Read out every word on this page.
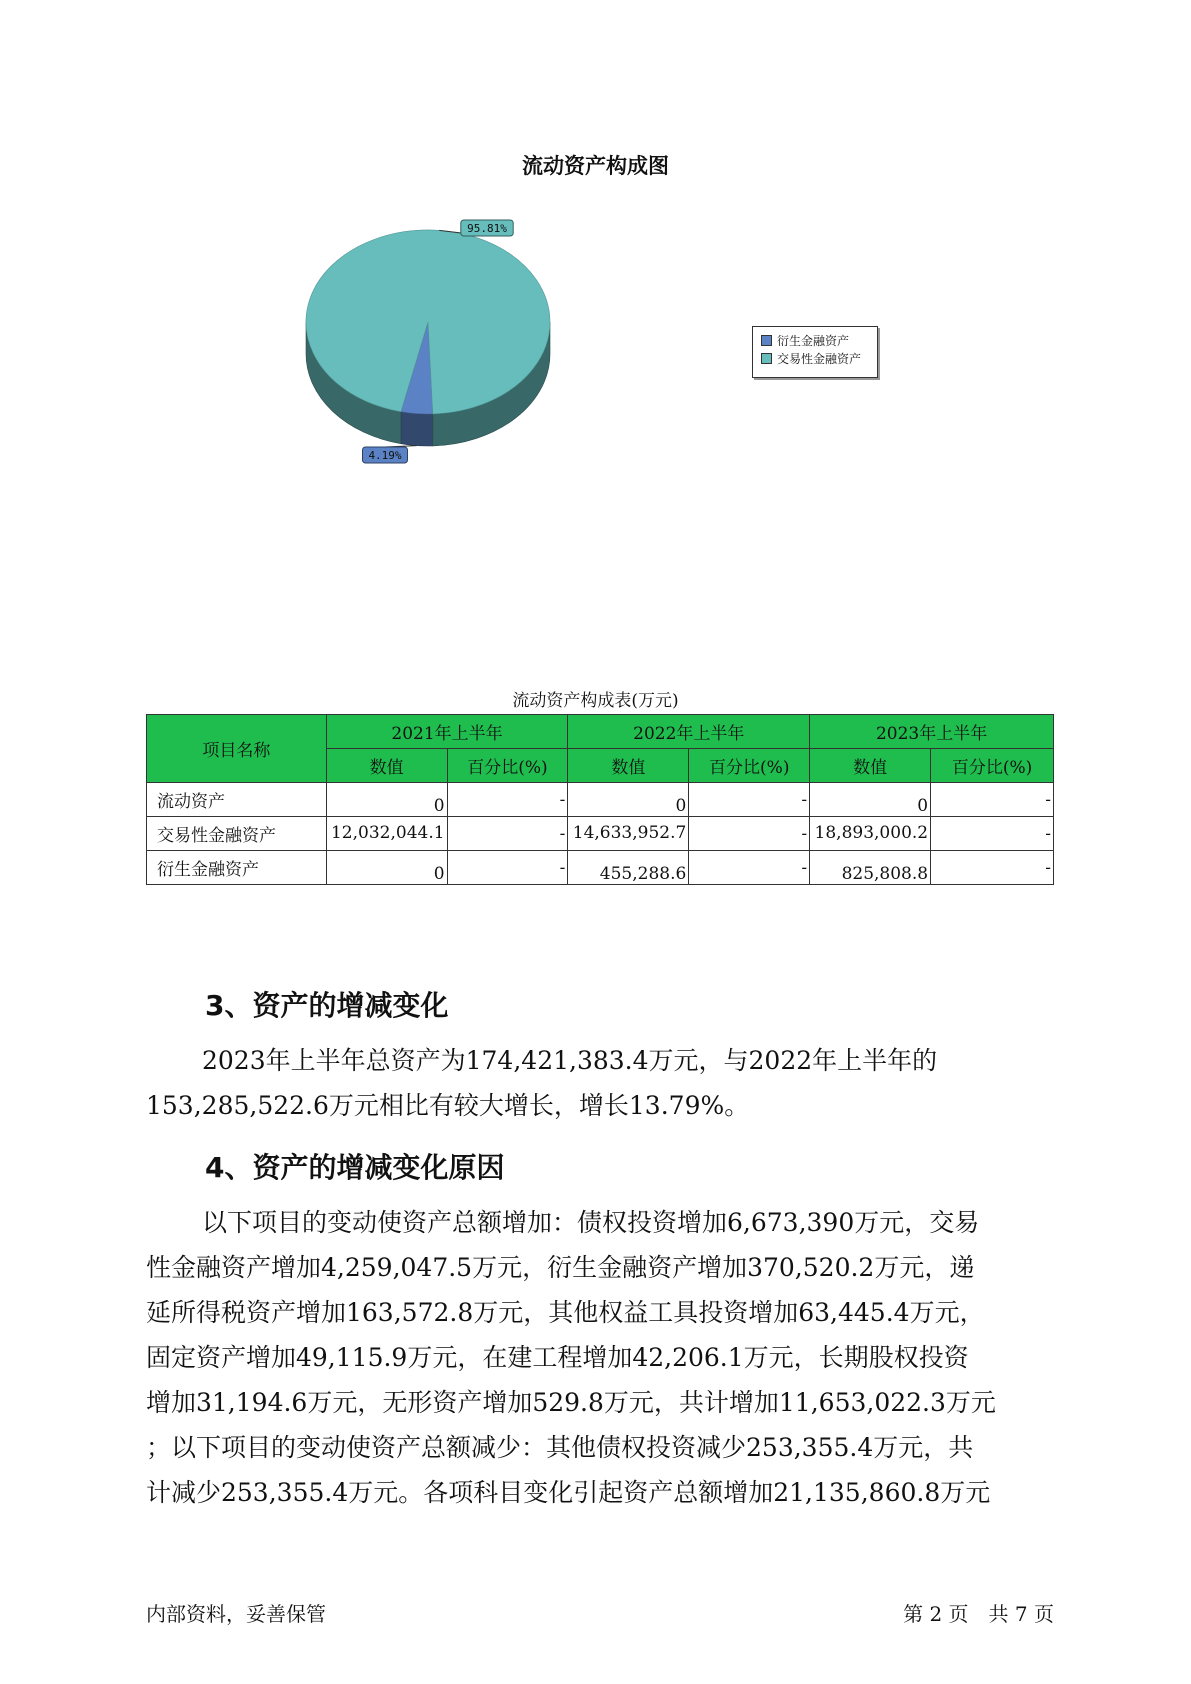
流动资产构成图
4.19%
95.81%
衍生金融资产
交易性金融资产
流动资产构成表(万元)
项目名称	2021年上半年		2022年上半年		2023年上半年	
	数值	百分比(%)	数值	百分比(%)	数值	百分比(%)
流动资产	0	-	0	-	0	-
交易性金融资产	12,032,044.1	-	14,633,952.7	-	18,893,000.2	-
衍生金融资产	0	-	455,288.6	-	825,808.8	-
3、资产的增减变化
2023年上半年总资产为174,421,383.4万元，与2022年上半年的
153,285,522.6万元相比有较大增长，增长13.79%。
4、资产的增减变化原因
以下项目的变动使资产总额增加：债权投资增加6,673,390万元，交易
性金融资产增加4,259,047.5万元，衍生金融资产增加370,520.2万元，递
延所得税资产增加163,572.8万元，其他权益工具投资增加63,445.4万元，
固定资产增加49,115.9万元，在建工程增加42,206.1万元，长期股权投资
增加31,194.6万元，无形资产增加529.8万元，共计增加11,653,022.3万元
；以下项目的变动使资产总额减少：其他债权投资减少253,355.4万元，共
计减少253,355.4万元。各项科目变化引起资产总额增加21,135,860.8万元
内部资料，妥善保管	第 2 页　共 7 页
